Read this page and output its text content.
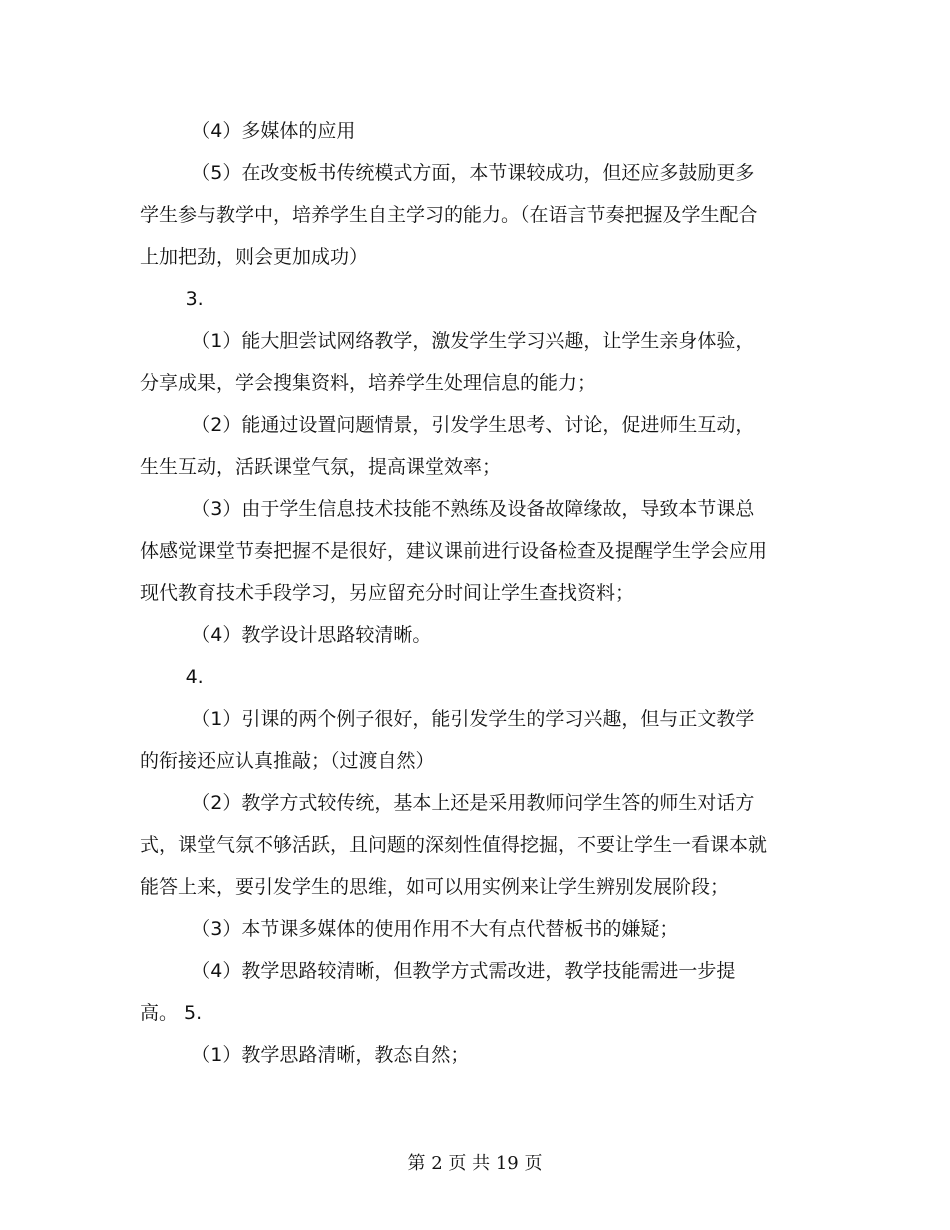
（4）多媒体的应用

（5）在改变板书传统模式方面，本节课较成功，但还应多鼓励更多学生参与教学中，培养学生自主学习的能力。（在语言节奏把握及学生配合上加把劲，则会更加成功）

3.

（1）能大胆尝试网络教学，激发学生学习兴趣，让学生亲身体验，分享成果，学会搜集资料，培养学生处理信息的能力；

（2）能通过设置问题情景，引发学生思考、讨论，促进师生互动，生生互动，活跃课堂气氛，提高课堂效率；

（3）由于学生信息技术技能不熟练及设备故障缘故，导致本节课总体感觉课堂节奏把握不是很好，建议课前进行设备检查及提醒学生学会应用现代教育技术手段学习，另应留充分时间让学生查找资料；

（4）教学设计思路较清晰。

4.

（1）引课的两个例子很好，能引发学生的学习兴趣，但与正文教学的衔接还应认真推敲；（过渡自然）

（2）教学方式较传统，基本上还是采用教师问学生答的师生对话方式，课堂气氛不够活跃，且问题的深刻性值得挖掘，不要让学生一看课本就能答上来，要引发学生的思维，如可以用实例来让学生辨别发展阶段；

（3）本节课多媒体的使用作用不大有点代替板书的嫌疑；

（4）教学思路较清晰，但教学方式需改进，教学技能需进一步提高。 5.

（1）教学思路清晰，教态自然；

第 2 页 共 19 页
